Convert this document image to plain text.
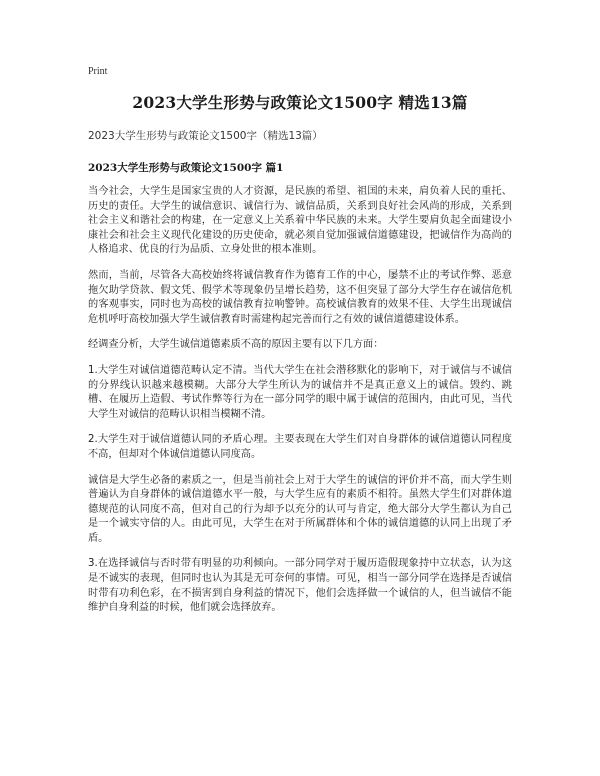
Print
2023大学生形势与政策论文1500字 精选13篇
2023大学生形势与政策论文1500字（精选13篇）
2023大学生形势与政策论文1500字 篇1

当今社会，大学生是国家宝贵的人才资源，是民族的希望、祖国的未来，肩负着人民的重托、历史的责任。大学生的诚信意识、诚信行为、诚信品质，关系到良好社会风尚的形成，关系到社会主义和谐社会的构建，在一定意义上关系着中华民族的未来。大学生要肩负起全面建设小康社会和社会主义现代化建设的历史使命，就必须自觉加强诚信道德建设，把诚信作为高尚的人格追求、优良的行为品质、立身处世的根本准则。

然而，当前，尽管各大高校始终将诚信教育作为德育工作的中心，屡禁不止的考试作弊、恶意拖欠助学贷款、假文凭、假学术等现象仍呈增长趋势，这不但突显了部分大学生存在诚信危机的客观事实，同时也为高校的诚信教育拉响警钟。高校诚信教育的效果不佳、大学生出现诚信危机呼吁高校加强大学生诚信教育时需建构起完善而行之有效的诚信道德建设体系。

经调查分析，大学生诚信道德素质不高的原因主要有以下几方面：

1.大学生对诚信道德范畴认定不清。当代大学生在社会潜移默化的影响下，对于诚信与不诚信的分界线认识越来越模糊。大部分大学生所认为的诚信并不是真正意义上的诚信。毁约、跳槽、在履历上造假、考试作弊等行为在一部分同学的眼中属于诚信的范围内，由此可见，当代大学生对诚信的范畴认识相当模糊不清。

2.大学生对于诚信道德认同的矛盾心理。主要表现在大学生们对自身群体的诚信道德认同程度不高，但却对个体诚信道德认同度高。

诚信是大学生必备的素质之一，但是当前社会上对于大学生的诚信的评价并不高，而大学生则普遍认为自身群体的诚信道德水平一般，与大学生应有的素质不相符。虽然大学生们对群体道德规范的认同度不高，但对自己的行为却予以充分的认可与肯定，绝大部分大学生都认为自己是一个诚实守信的人。由此可见，大学生在对于所属群体和个体的诚信道德的认同上出现了矛盾。

3.在选择诚信与否时带有明显的功利倾向。一部分同学对于履历造假现象持中立状态，认为这是不诚实的表现，但同时也认为其是无可奈何的事情。可见，相当一部分同学在选择是否诚信时带有功利色彩，在不损害到自身利益的情况下，他们会选择做一个诚信的人，但当诚信不能维护自身利益的时候，他们就会选择放弃。
